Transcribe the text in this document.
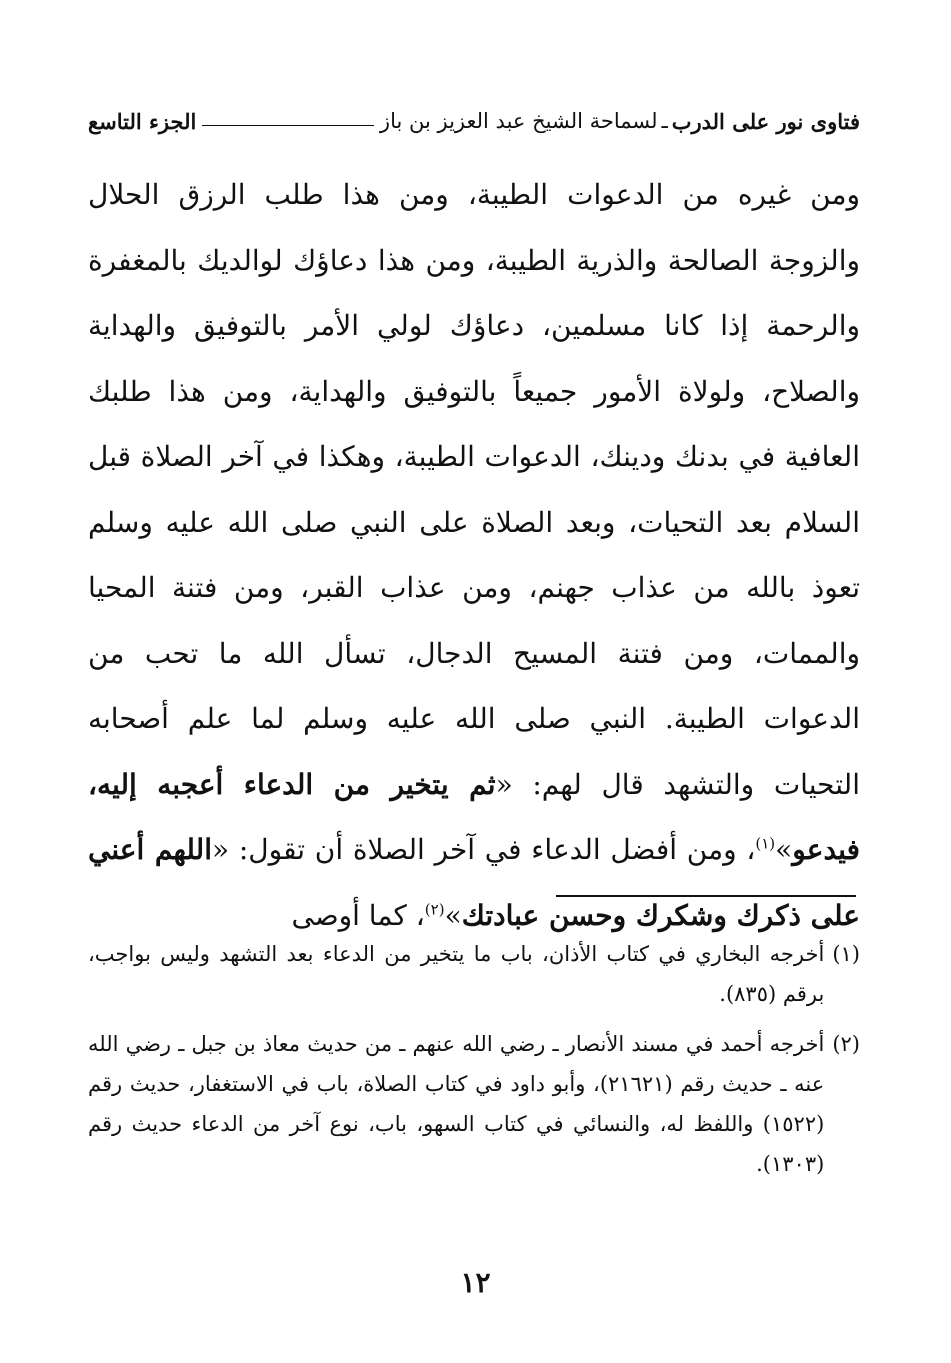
فتاوى نور على الدرب
ـ
لسماحة الشيخ عبد العزيز بن باز
الجزء التاسع

ومن غيره من الدعوات الطيبة، ومن هذا طلب الرزق الحلال والزوجة الصالحة والذرية الطيبة، ومن هذا دعاؤك لوالديك بالمغفرة والرحمة إذا كانا مسلمين، دعاؤك لولي الأمر بالتوفيق والهداية والصلاح، ولولاة الأمور جميعاً بالتوفيق والهداية، ومن هذا طلبك العافية في بدنك ودينك، الدعوات الطيبة، وهكذا في آخر الصلاة قبل السلام بعد التحيات، وبعد الصلاة على النبي صلى الله عليه وسلم تعوذ بالله من عذاب جهنم، ومن عذاب القبر، ومن فتنة المحيا والممات، ومن فتنة المسيح الدجال، تسأل الله ما تحب من الدعوات الطيبة. النبي صلى الله عليه وسلم لما علم أصحابه التحيات والتشهد قال لهم: «ثم يتخير من الدعاء أعجبه إليه، فيدعو»$^{(١)}$، ومن أفضل الدعاء في آخر الصلاة أن تقول: «اللهم أعني على ذكرك وشكرك وحسن عبادتك»$^{(٢)}$، كما أوصى

(١)
أخرجه البخاري في كتاب الأذان، باب ما يتخير من الدعاء بعد التشهد وليس بواجب، برقم (٨٣٥).
(٢)
أخرجه أحمد في مسند الأنصار ـ رضي الله عنهم ـ من حديث معاذ بن جبل ـ رضي الله عنه ـ حديث رقم (٢١٦٢١)، وأبو داود في كتاب الصلاة، باب في الاستغفار، حديث رقم (١٥٢٢) واللفظ له، والنسائي في كتاب السهو، باب، نوع آخر من الدعاء حديث رقم (١٣٠٣).
١٢
